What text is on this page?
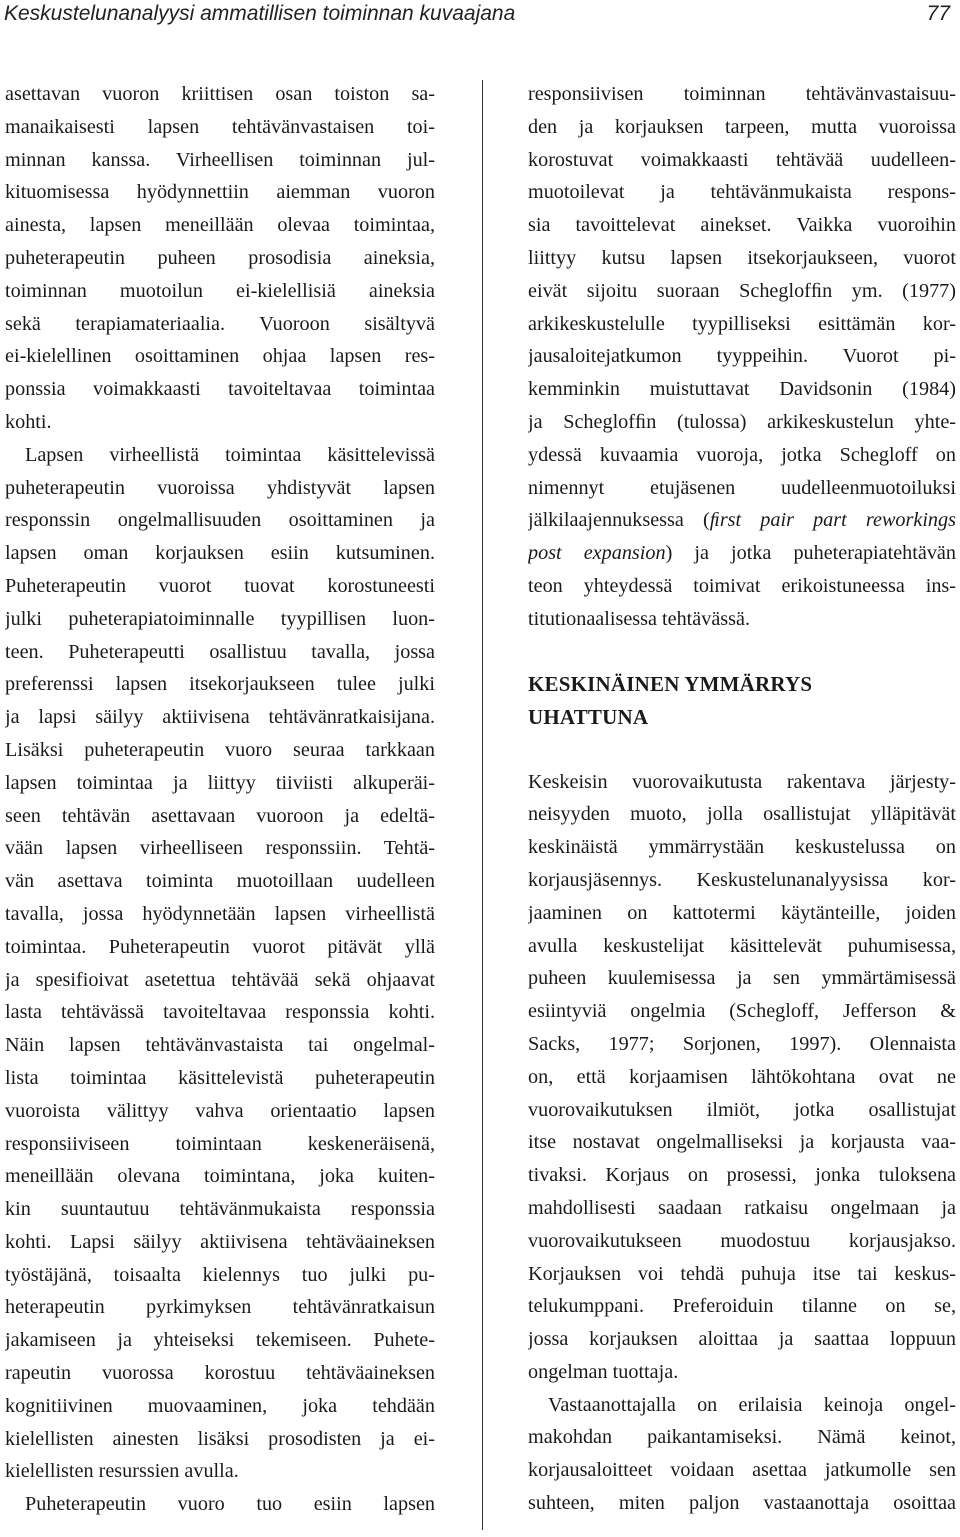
Keskustelunanalyysi ammatillisen toiminnan kuvaajana	77
asettavan vuoron kriittisen osan toiston sa-
manaikaisesti lapsen tehtävänvastaisen toi-
minnan kanssa. Virheellisen toiminnan jul-
kituomisessa hyödynnettiin aiemman vuoron
ainesta, lapsen meneillään olevaa toimintaa,
puheterapeutin puheen prosodisia aineksia,
toiminnan muotoilun ei-kielellisiä aineksia
sekä terapiamateriaalia. Vuoroon sisältyvä
ei-kielellinen osoittaminen ohjaa lapsen res-
ponssia voimakkaasti tavoiteltavaa toimintaa
kohti.
Lapsen virheellistä toimintaa käsittelevissä
puheterapeutin vuoroissa yhdistyvät lapsen
responssin ongelmallisuuden osoittaminen ja
lapsen oman korjauksen esiin kutsuminen.
Puheterapeutin vuorot tuovat korostuneesti
julki puheterapiatoiminnalle tyypillisen luon-
teen. Puheterapeutti osallistuu tavalla, jossa
preferenssi lapsen itsekorjaukseen tulee julki
ja lapsi säilyy aktiivisena tehtävänratkaisijana.
Lisäksi puheterapeutin vuoro seuraa tarkkaan
lapsen toimintaa ja liittyy tiiviisti alkuperäi-
seen tehtävän asettavaan vuoroon ja edeltä-
vään lapsen virheelliseen responssiin. Tehtä-
vän asettava toiminta muotoillaan uudelleen
tavalla, jossa hyödynnetään lapsen virheellistä
toimintaa. Puheterapeutin vuorot pitävät yllä
ja spesifioivat asetettua tehtävää sekä ohjaavat
lasta tehtävässä tavoiteltavaa responssia kohti.
Näin lapsen tehtävänvastaista tai ongelmal-
lista toimintaa käsittelevistä puheterapeutin
vuoroista välittyy vahva orientaatio lapsen
responsiiviseen toimintaan keskeneräisenä,
meneillään olevana toimintana, joka kuiten-
kin suuntautuu tehtävänmukaista responssia
kohti. Lapsi säilyy aktiivisena tehtäväaineksen
työstäjänä, toisaalta kielennys tuo julki pu-
heterapeutin pyrkimyksen tehtävänratkaisun
jakamiseen ja yhteiseksi tekemiseen. Puhete-
rapeutin vuorossa korostuu tehtäväaineksen
kognitiivinen muovaaminen, joka tehdään
kielellisten ainesten lisäksi prosodisten ja ei-
kielellisten resurssien avulla.
Puheterapeutin vuoro tuo esiin lapsen
responsiivisen toiminnan tehtävänvastaisuu-
den ja korjauksen tarpeen, mutta vuoroissa
korostuvat voimakkaasti tehtävää uudelleen-
muotoilevat ja tehtävänmukaista respons-
sia tavoittelevat ainekset. Vaikka vuoroihin
liittyy kutsu lapsen itsekorjaukseen, vuorot
eivät sijoitu suoraan Scheglofﬁn ym. (1977)
arkikeskustelulle tyypilliseksi esittämän kor-
jausaloitejatkumon tyyppeihin. Vuorot pi-
kemminkin muistuttavat Davidsonin (1984)
ja Scheglofﬁn (tulossa) arkikeskustelun yhte-
ydessä kuvaamia vuoroja, jotka Schegloff on
nimennyt etujäsenen uudelleenmuotoiluksi
jälkilaajennuksessa (ﬁrst pair part reworkings
post expansion) ja jotka puheterapiatehtävän
teon yhteydessä toimivat erikoistuneessa ins-
titutionaalisessa tehtävässä.
KESKINÄINEN YMMÄRRYS
UHATTUNA
Keskeisin vuorovaikutusta rakentava järjesty-
neisyyden muoto, jolla osallistujat ylläpitävät
keskinäistä ymmärrystään keskustelussa on
korjausjäsennys. Keskustelunanalyysissa kor-
jaaminen on kattotermi käytänteille, joiden
avulla keskustelijat käsittelevät puhumisessa,
puheen kuulemisessa ja sen ymmärtämisessä
esiintyviä ongelmia (Schegloff, Jefferson &
Sacks, 1977; Sorjonen, 1997). Olennaista
on, että korjaamisen lähtökohtana ovat ne
vuorovaikutuksen ilmiöt, jotka osallistujat
itse nostavat ongelmalliseksi ja korjausta vaa-
tivaksi. Korjaus on prosessi, jonka tuloksena
mahdollisesti saadaan ratkaisu ongelmaan ja
vuorovaikutukseen muodostuu korjausjakso.
Korjauksen voi tehdä puhuja itse tai keskus-
telukumppani. Preferoiduin tilanne on se,
jossa korjauksen aloittaa ja saattaa loppuun
ongelman tuottaja.
Vastaanottajalla on erilaisia keinoja ongel-
makohdan paikantamiseksi. Nämä keinot,
korjausaloitteet voidaan asettaa jatkumolle sen
suhteen, miten paljon vastaanottaja osoittaa
